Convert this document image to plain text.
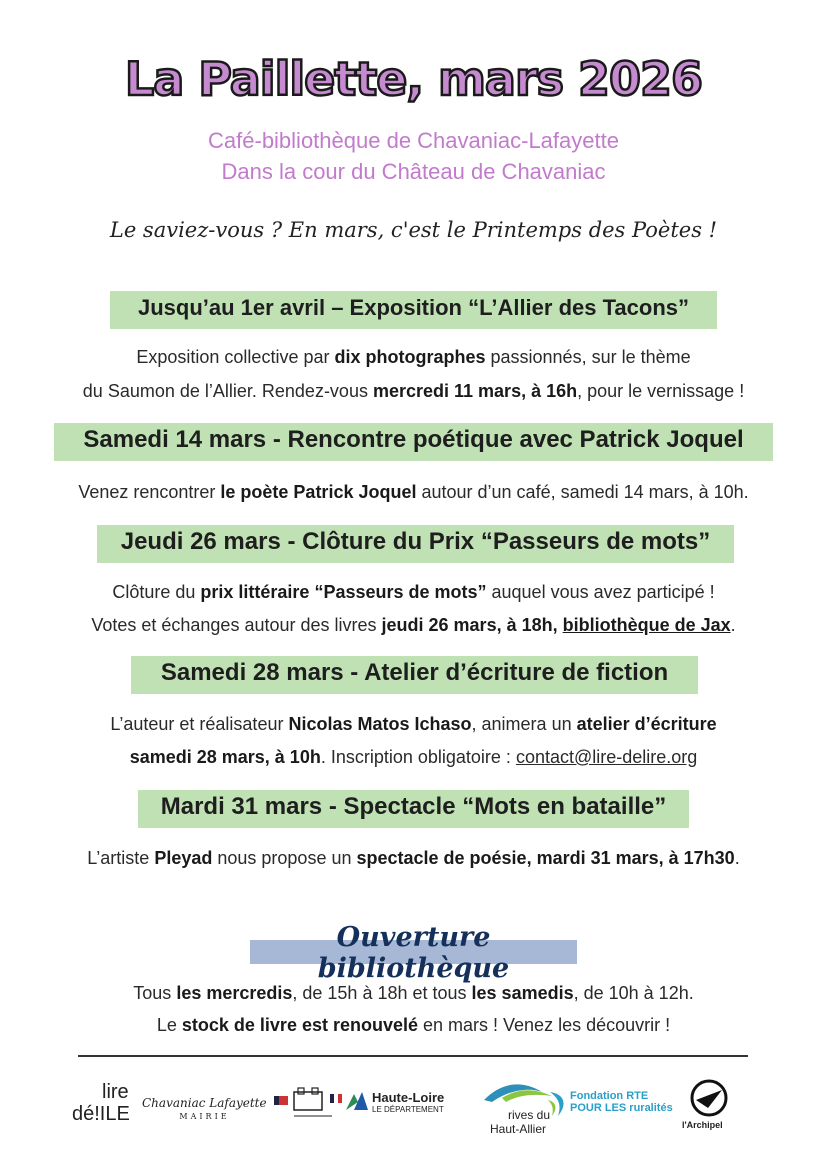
La Paillette, mars 2026
Café-bibliothèque de Chavaniac-Lafayette
Dans la cour du Château de Chavaniac
Le saviez-vous ? En mars, c'est le Printemps des Poètes !
Jusqu’au 1er avril – Exposition “L’Allier des Tacons”
Exposition collective par dix photographes passionnés, sur le thème
du Saumon de l’Allier. Rendez-vous mercredi 11 mars, à 16h, pour le vernissage !
Samedi 14 mars - Rencontre poétique avec Patrick Joquel
Venez rencontrer le poète Patrick Joquel autour d’un café, samedi 14 mars, à 10h.
Jeudi 26 mars - Clôture du Prix “Passeurs de mots”
Clôture du prix littéraire “Passeurs de mots” auquel vous avez participé !
Votes et échanges autour des livres jeudi 26 mars, à 18h, bibliothèque de Jax.
Samedi 28 mars - Atelier d’écriture de fiction
L’auteur et réalisateur Nicolas Matos Ichaso, animera un atelier d’écriture
samedi 28 mars, à 10h. Inscription obligatoire : contact@lire-delire.org
Mardi 31 mars - Spectacle “Mots en bataille”
L’artiste Pleyad nous propose un spectacle de poésie, mardi 31 mars, à 17h30.
Ouverture bibliothèque
Tous les mercredis, de 15h à 18h et tous les samedis, de 10h à 12h.
Le stock de livre est renouvelé en mars ! Venez les découvrir !
lire
dé!ILE Chavaniac Lafayette
MAIRIE
Haute-Loire
LE DÉPARTEMENT	rives du
Haut-Allier
Fondation RTE
POUR LES ruralités
l'Archipel
